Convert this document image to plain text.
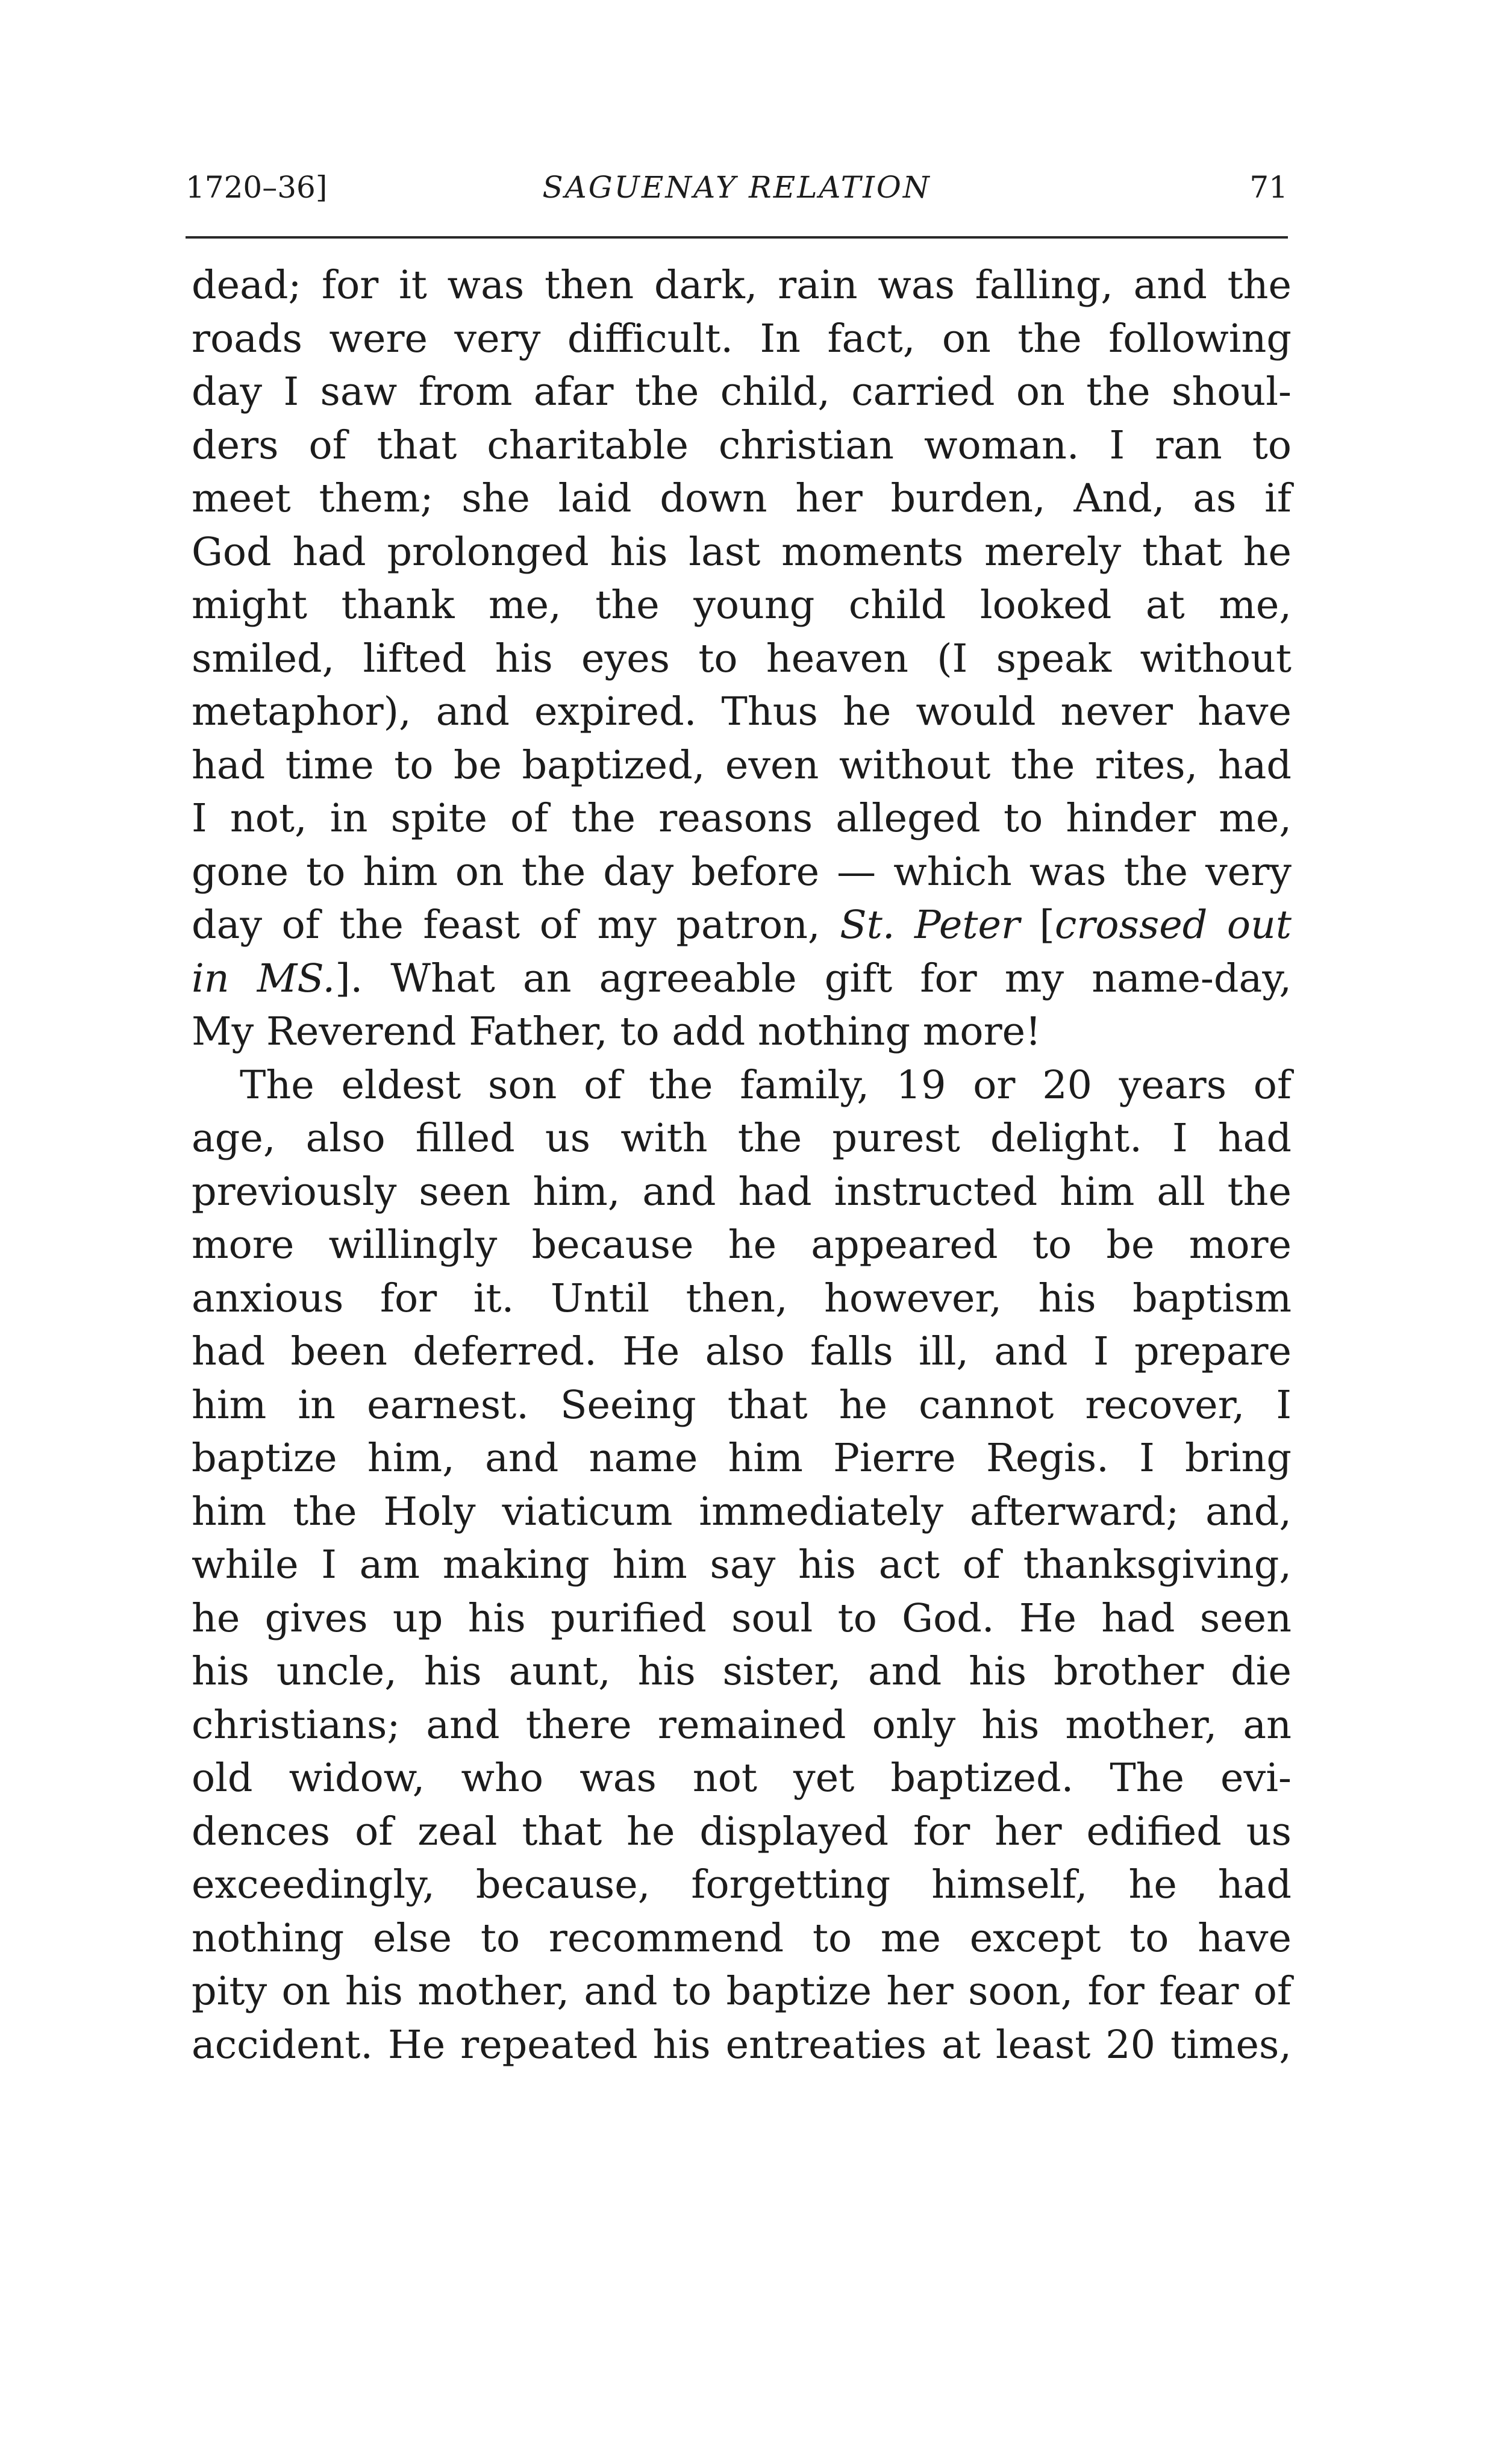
1720–36]	SAGUENAY RELATION	71
dead; for it was then dark, rain was falling, and the
roads were very difficult. In fact, on the following
day I saw from afar the child, carried on the shoul-
ders of that charitable christian woman. I ran to
meet them; she laid down her burden, And, as if
God had prolonged his last moments merely that he
might thank me, the young child looked at me,
smiled, lifted his eyes to heaven (I speak without
metaphor), and expired. Thus he would never have
had time to be baptized, even without the rites, had
I not, in spite of the reasons alleged to hinder me,
gone to him on the day before — which was the very
day of the feast of my patron, St. Peter [crossed out
in MS.]. What an agreeable gift for my name-day,
My Reverend Father, to add nothing more!
The eldest son of the family, 19 or 20 years of
age, also filled us with the purest delight. I had
previously seen him, and had instructed him all the
more willingly because he appeared to be more
anxious for it. Until then, however, his baptism
had been deferred. He also falls ill, and I prepare
him in earnest. Seeing that he cannot recover, I
baptize him, and name him Pierre Regis. I bring
him the Holy viaticum immediately afterward; and,
while I am making him say his act of thanksgiving,
he gives up his purified soul to God. He had seen
his uncle, his aunt, his sister, and his brother die
christians; and there remained only his mother, an
old widow, who was not yet baptized. The evi-
dences of zeal that he displayed for her edified us
exceedingly, because, forgetting himself, he had
nothing else to recommend to me except to have
pity on his mother, and to baptize her soon, for fear of
accident. He repeated his entreaties at least 20 times,
